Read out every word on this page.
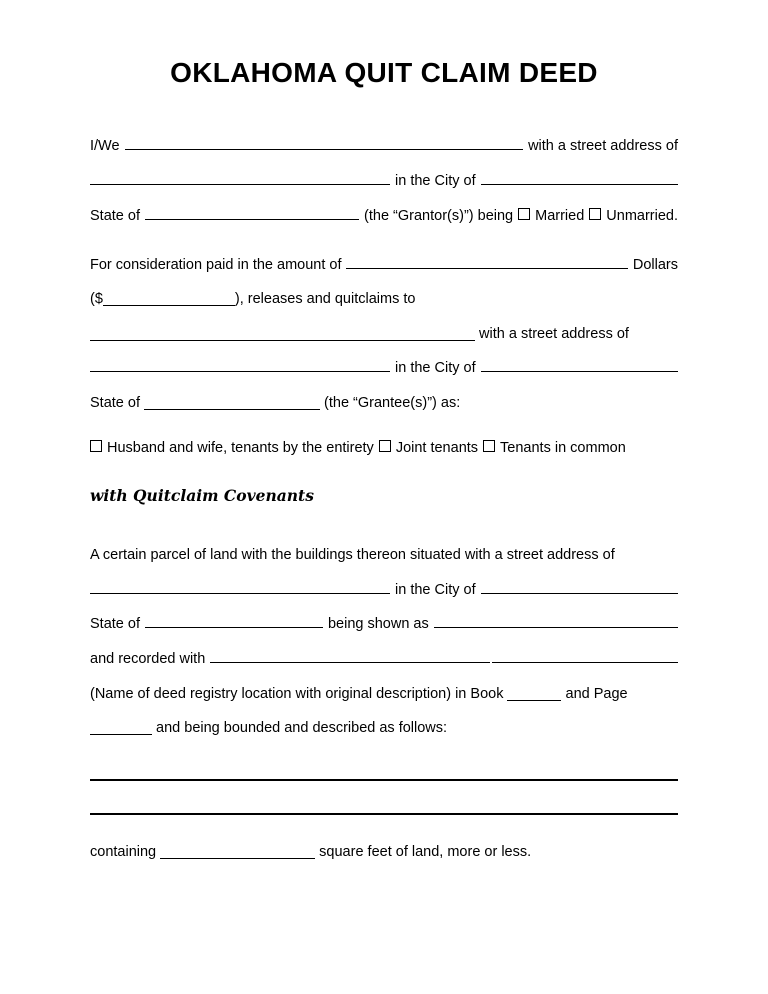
OKLAHOMA QUIT CLAIM DEED
I/We	with a street address of
in the City of
State of	(the “Grantor(s)”) being Married Unmarried.
For consideration paid in the amount of	Dollars
($	), releases and quitclaims to
with a street address of
in the City of
State of	(the “Grantee(s)”) as:
Husband and wife, tenants by the entirety Joint tenants Tenants in common
with Quitclaim Covenants
A certain parcel of land with the buildings thereon situated with a street address of
in the City of
State of	being shown as
and recorded with
(Name of deed registry location with original description) in Book	and Page
and being bounded and described as follows:
containing	square feet of land, more or less.
